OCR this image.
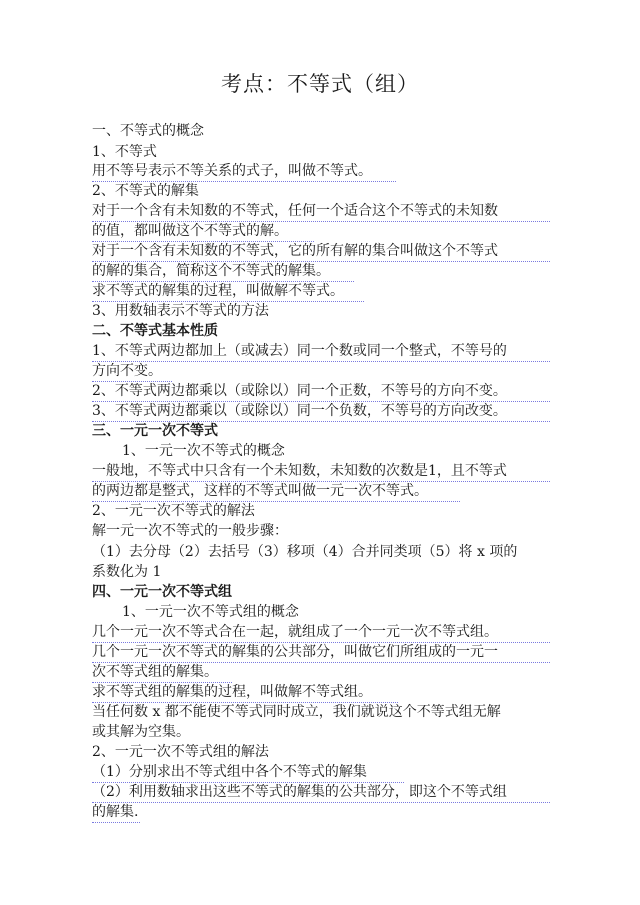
考点：不等式（组）
一、不等式的概念
1、不等式
用不等号表示不等关系的式子，叫做不等式。
2、不等式的解集
对于一个含有未知数的不等式，任何一个适合这个不等式的未知数
的值，都叫做这个不等式的解。
对于一个含有未知数的不等式，它的所有解的集合叫做这个不等式
的解的集合，简称这个不等式的解集。
求不等式的解集的过程，叫做解不等式。
3、用数轴表示不等式的方法
二、不等式基本性质
1、不等式两边都加上（或减去）同一个数或同一个整式，不等号的
方向不变。
2、不等式两边都乘以（或除以）同一个正数，不等号的方向不变。
3、不等式两边都乘以（或除以）同一个负数，不等号的方向改变。
三、一元一次不等式
1、一元一次不等式的概念
一般地，不等式中只含有一个未知数，未知数的次数是1，且不等式
的两边都是整式，这样的不等式叫做一元一次不等式。
2、一元一次不等式的解法
解一元一次不等式的一般步骤：
（1）去分母（2）去括号（3）移项（4）合并同类项（5）将 x 项的
系数化为 1
四、一元一次不等式组
1、一元一次不等式组的概念
几个一元一次不等式合在一起，就组成了一个一元一次不等式组。
几个一元一次不等式的解集的公共部分，叫做它们所组成的一元一
次不等式组的解集。
求不等式组的解集的过程，叫做解不等式组。
当任何数 x 都不能使不等式同时成立，我们就说这个不等式组无解
或其解为空集。
2、一元一次不等式组的解法
（1）分别求出不等式组中各个不等式的解集
（2）利用数轴求出这些不等式的解集的公共部分，即这个不等式组
的解集.
